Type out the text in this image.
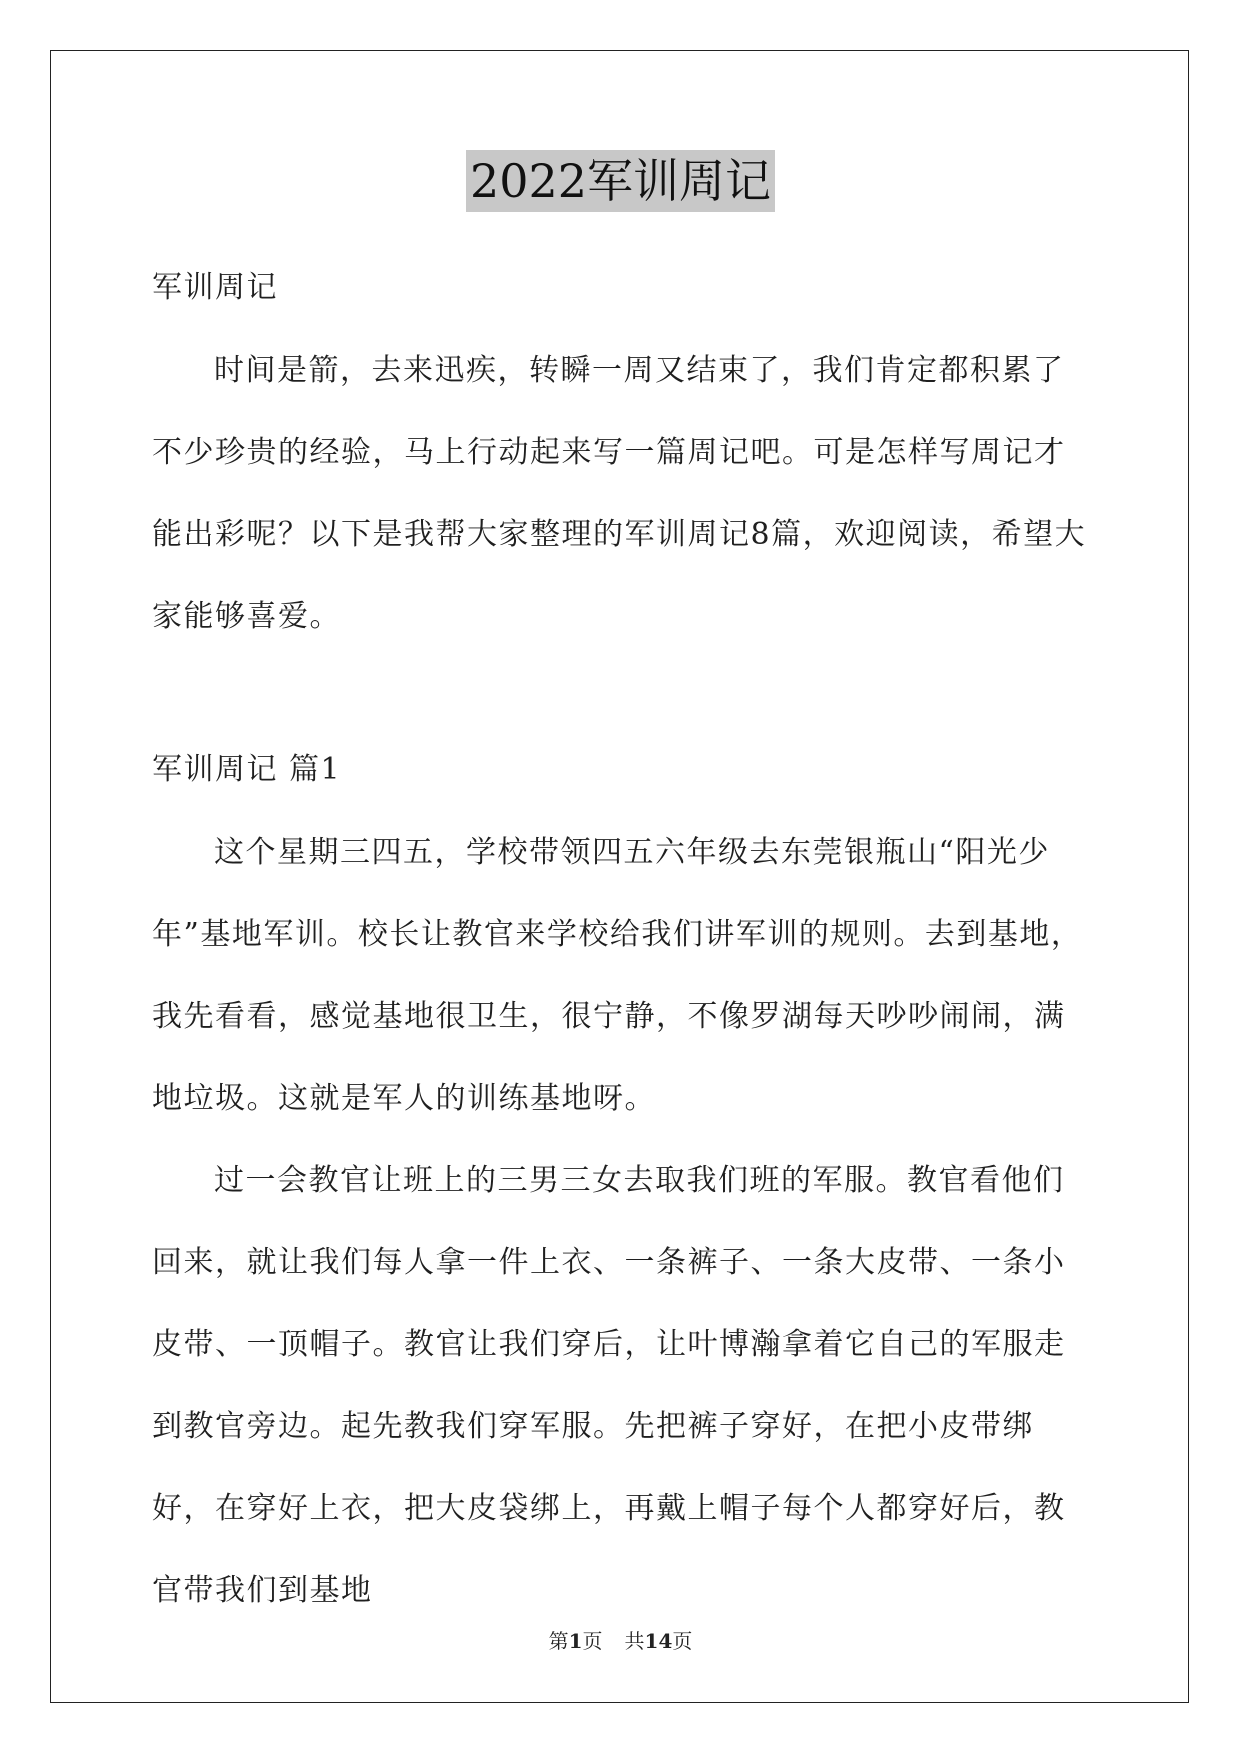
2022军训周记
军训周记

时间是箭，去来迅疾，转瞬一周又结束了，我们肯定都积累了不少珍贵的经验，马上行动起来写一篇周记吧。可是怎样写周记才能出彩呢？以下是我帮大家整理的军训周记8篇，欢迎阅读，希望大家能够喜爱。

军训周记 篇1

这个星期三四五，学校带领四五六年级去东莞银瓶山“阳光少年”基地军训。校长让教官来学校给我们讲军训的规则。去到基地，我先看看，感觉基地很卫生，很宁静，不像罗湖每天吵吵闹闹，满地垃圾。这就是军人的训练基地呀。

过一会教官让班上的三男三女去取我们班的军服。教官看他们回来，就让我们每人拿一件上衣、一条裤子、一条大皮带、一条小皮带、一顶帽子。教官让我们穿后，让叶博瀚拿着它自己的军服走到教官旁边。起先教我们穿军服。先把裤子穿好，在把小皮带绑好，在穿好上衣，把大皮袋绑上，再戴上帽子每个人都穿好后，教官带我们到基地

第1页 共14页
